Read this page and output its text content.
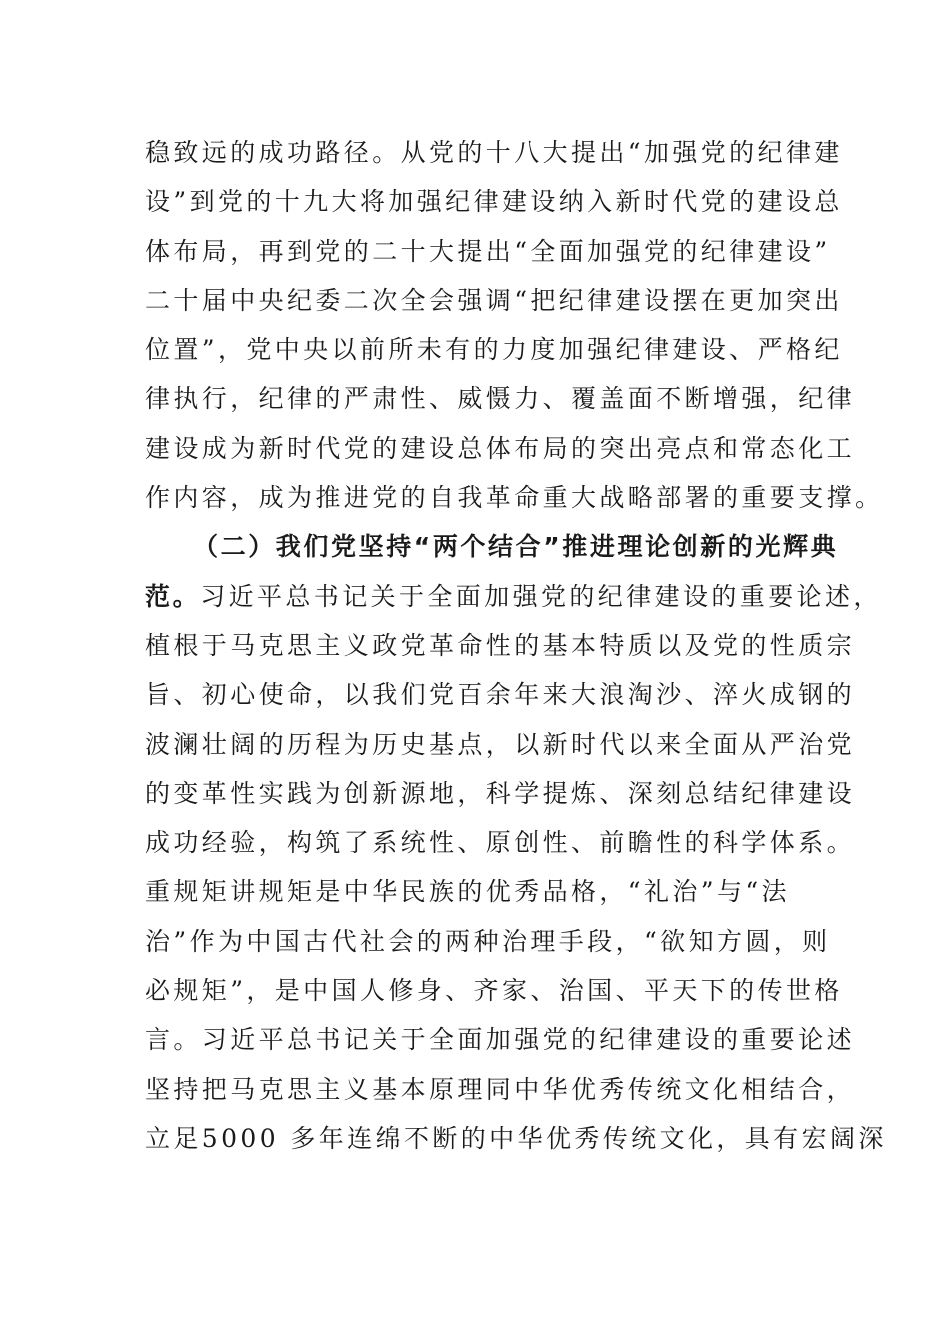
稳致远的成功路径。从党的十八大提出“加强党的纪律建
设”到党的十九大将加强纪律建设纳入新时代党的建设总
体布局，再到党的二十大提出“全面加强党的纪律建设”
二十届中央纪委二次全会强调“把纪律建设摆在更加突出
位置”，党中央以前所未有的力度加强纪律建设、严格纪
律执行，纪律的严肃性、威慑力、覆盖面不断增强，纪律
建设成为新时代党的建设总体布局的突出亮点和常态化工
作内容，成为推进党的自我革命重大战略部署的重要支撑。
（二）我们党坚持“两个结合”推进理论创新的光辉典
范。习近平总书记关于全面加强党的纪律建设的重要论述，
植根于马克思主义政党革命性的基本特质以及党的性质宗
旨、初心使命，以我们党百余年来大浪淘沙、淬火成钢的
波澜壮阔的历程为历史基点，以新时代以来全面从严治党
的变革性实践为创新源地，科学提炼、深刻总结纪律建设
成功经验，构筑了系统性、原创性、前瞻性的科学体系。
重规矩讲规矩是中华民族的优秀品格，“礼治”与“法
治”作为中国古代社会的两种治理手段，“欲知方圆，则
必规矩”，是中国人修身、齐家、治国、平天下的传世格
言。习近平总书记关于全面加强党的纪律建设的重要论述
坚持把马克思主义基本原理同中华优秀传统文化相结合，
立足5000 多年连绵不断的中华优秀传统文化，具有宏阔深
